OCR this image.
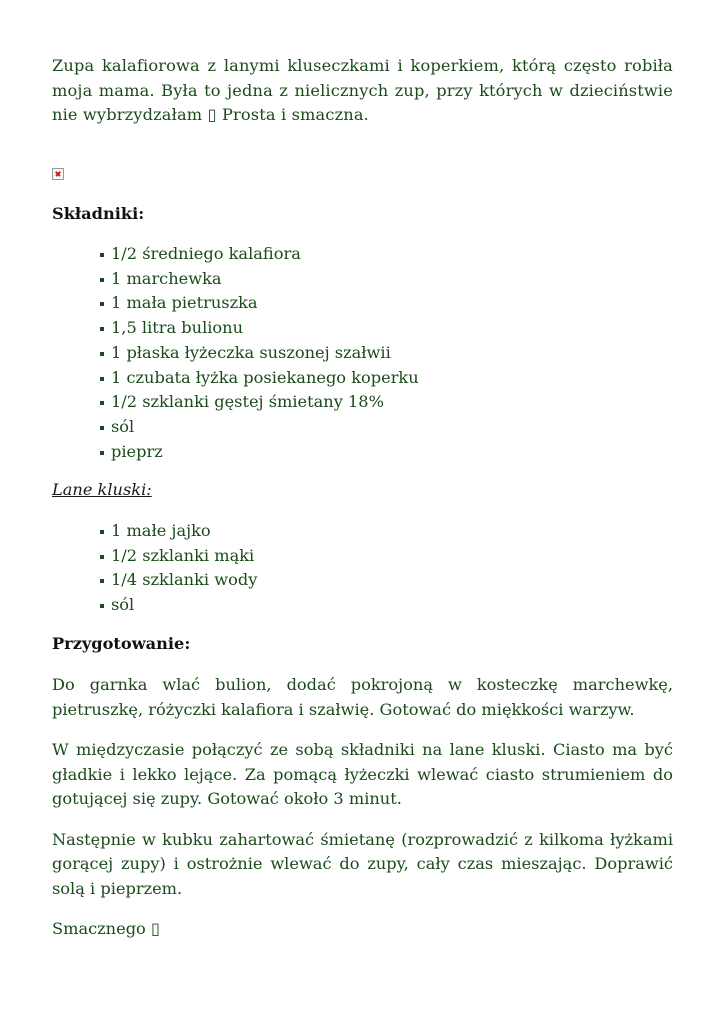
Zupa kalafiorowa z lanymi kluseczkami i koperkiem, którą często robiła moja mama. Była to jedna z nielicznych zup, przy których w dzieciństwie nie wybrzydzałam ▯ Prosta i smaczna.

Składniki:

1/2 średniego kalafiora
1 marchewka
1 mała pietruszka
1,5 litra bulionu
1 płaska łyżeczka suszonej szałwii
1 czubata łyżka posiekanego koperku
1/2 szklanki gęstej śmietany 18%
sól
pieprz

Lane kluski:

1 małe jajko
1/2 szklanki mąki
1/4 szklanki wody
sól

Przygotowanie:

Do garnka wlać bulion, dodać pokrojoną w kosteczkę marchewkę, pietruszkę, różyczki kalafiora i szałwię. Gotować do miękkości warzyw.

W międzyczasie połączyć ze sobą składniki na lane kluski. Ciasto ma być gładkie i lekko lejące. Za pomącą łyżeczki wlewać ciasto strumieniem do gotującej się zupy. Gotować około 3 minut.

Następnie w kubku zahartować śmietanę (rozprowadzić z kilkoma łyżkami gorącej zupy) i ostrożnie wlewać do zupy, cały czas mieszając. Doprawić solą i pieprzem.

Smacznego ▯
